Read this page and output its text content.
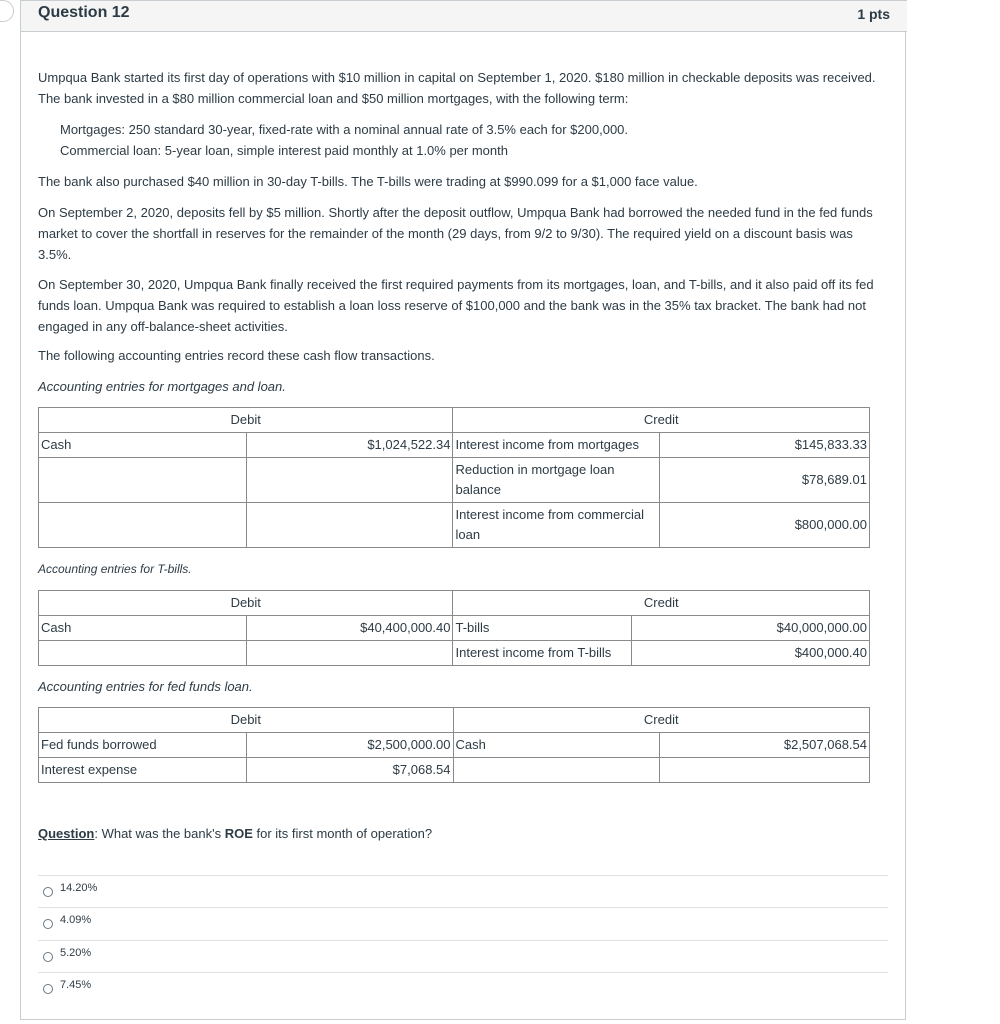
Question 12	1 pts

Umpqua Bank started its first day of operations with $10 million in capital on September 1, 2020. $180 million in checkable deposits was received. The bank invested in a $80 million commercial loan and $50 million mortgages, with the following term:

Mortgages: 250 standard 30-year, fixed-rate with a nominal annual rate of 3.5% each for $200,000.

Commercial loan: 5-year loan, simple interest paid monthly at 1.0% per month

The bank also purchased $40 million in 30-day T-bills. The T-bills were trading at $990.099 for a $1,000 face value.

On September 2, 2020, deposits fell by $5 million. Shortly after the deposit outflow, Umpqua Bank had borrowed the needed fund in the fed funds market to cover the shortfall in reserves for the remainder of the month (29 days, from 9/2 to 9/30). The required yield on a discount basis was 3.5%.

On September 30, 2020, Umpqua Bank finally received the first required payments from its mortgages, loan, and T-bills, and it also paid off its fed funds loan. Umpqua Bank was required to establish a loan loss reserve of $100,000 and the bank was in the 35% tax bracket. The bank had not engaged in any off-balance-sheet activities.

The following accounting entries record these cash flow transactions.

Accounting entries for mortgages and loan.

Debit		Credit	
Cash	$1,024,522.34	Interest income from mortgages	$145,833.33
		Reduction in mortgage loan balance	$78,689.01
		Interest income from commercial loan	$800,000.00

Accounting entries for T-bills.

Debit		Credit	
Cash	$40,400,000.40	T-bills	$40,000,000.00
		Interest income from T-bills	$400,000.40

Accounting entries for fed funds loan.

Debit		Credit	
Fed funds borrowed	$2,500,000.00	Cash	$2,507,068.54
Interest expense	$7,068.54		

Question: What was the bank's ROE for its first month of operation?

14.20%
4.09%
5.20%
7.45%
